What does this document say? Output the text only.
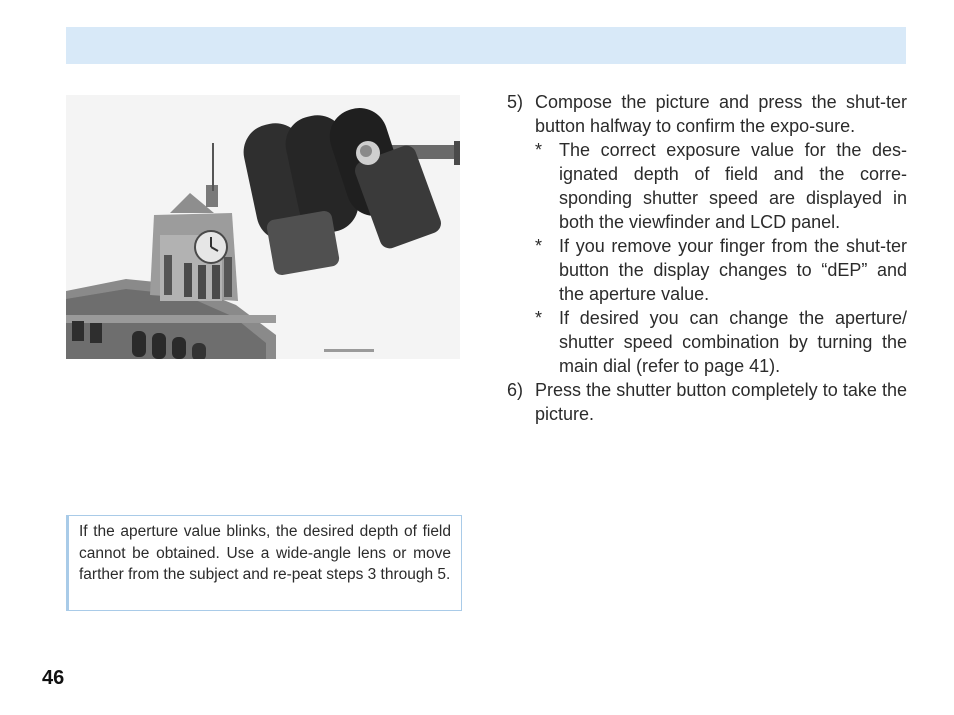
5) Compose the picture and press the shut-ter button halfway to confirm the expo-sure.
* The correct exposure value for the des-ignated depth of field and the corre-sponding shutter speed are displayed in both the viewfinder and LCD panel.
* If you remove your finger from the shut-ter button the display changes to “dEP” and the aperture value.
* If desired you can change the aperture/ shutter speed combination by turning the main dial (refer to page 41).
6) Press the shutter button completely to take the picture.
If the aperture value blinks, the desired depth of field cannot be obtained. Use a wide-angle lens or move farther from the subject and re-peat steps 3 through 5.
46
